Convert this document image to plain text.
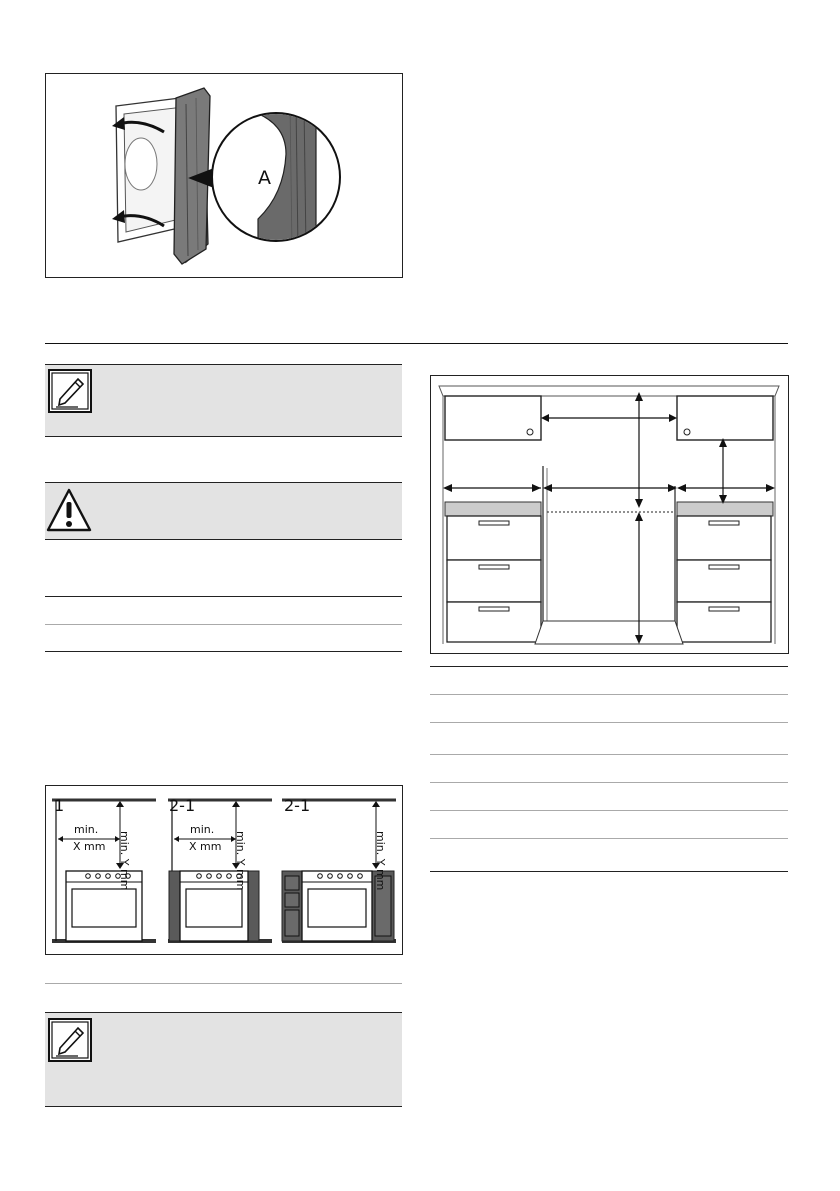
A
1
min.
X mm min. Y mm
2-1
min.
X mm min. Y mm
2-1
min. Y mm
